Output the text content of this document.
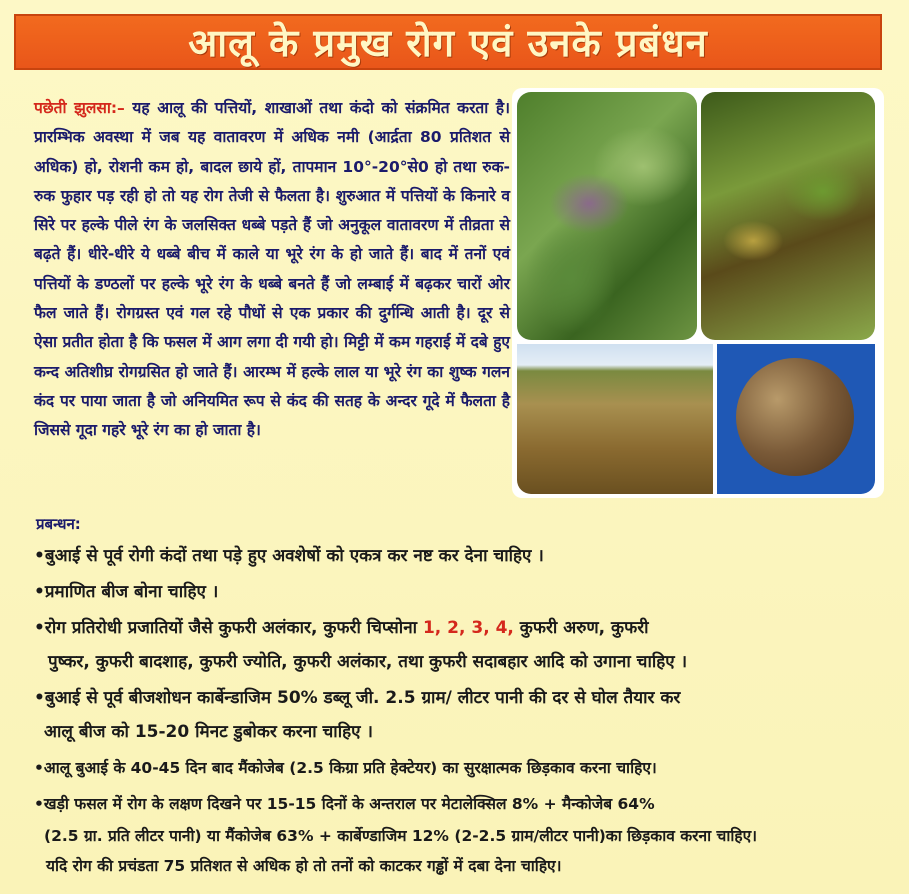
आलू के प्रमुख रोग एवं उनके प्रबंधन
पछेती झुलसा:– यह आलू की पत्तियों, शाखाओं तथा कंदो को संक्रमित करता है। प्रारम्भिक अवस्था में जब यह वातावरण में अधिक नमी (आर्द्रता 80 प्रतिशत से अधिक) हो, रोशनी कम हो, बादल छाये हों, तापमान 10°-20°से0 हो तथा रुक-रुक फुहार पड़ रही हो तो यह रोग तेजी से फैलता है। शुरुआत में पत्तियों के किनारे व सिरे पर हल्के पीले रंग के जलसिक्त धब्बे पड़ते हैं जो अनुकूल वातावरण में तीव्रता से बढ़ते हैं। धीरे-धीरे ये धब्बे बीच में काले या भूरे रंग के हो जाते हैं। बाद में तनों एवं पत्तियों के डण्ठलों पर हल्के भूरे रंग के धब्बे बनते हैं जो लम्बाई में बढ़कर चारों ओर फैल जाते हैं। रोगग्रस्त एवं गल रहे पौधों से एक प्रकार की दुर्गन्धि आती है। दूर से ऐसा प्रतीत होता है कि फसल में आग लगा दी गयी हो। मिट्टी में कम गहराई में दबे हुए कन्द अतिशीघ्र रोगग्रसित हो जाते हैं। आरम्भ में हल्के लाल या भूरे रंग का शुष्क गलन कंद पर पाया जाता है जो अनियमित रूप से कंद की सतह के अन्दर गूदे में फैलता है जिससे गूदा गहरे भूरे रंग का हो जाता है।
प्रबन्धन:
•बुआई से पूर्व रोगी कंदों तथा पड़े हुए अवशेषों को एकत्र कर नष्ट कर देना चाहिए ।
•प्रमाणित बीज बोना चाहिए ।
•रोग प्रतिरोधी प्रजातियों जैसे कुफरी अलंकार, कुफरी चिप्सोना 1, 2, 3, 4, कुफरी अरुण, कुफरी
पुष्कर, कुफरी बादशाह, कुफरी ज्योति, कुफरी अलंकार, तथा कुफरी सदाबहार आदि को उगाना चाहिए ।
•बुआई से पूर्व बीजशोधन कार्बेन्डाजिम 50% डब्लू जी. 2.5 ग्राम/ लीटर पानी की दर से घोल तैयार कर
आलू बीज को 15-20 मिनट डुबोकर करना चाहिए ।
•आलू बुआई के 40-45 दिन बाद मैंकोजेब (2.5 किग्रा प्रति हेक्टेयर) का सुरक्षात्मक छिड़काव करना चाहिए।
•खड़ी फसल में रोग के लक्षण दिखने पर 15-15 दिनों के अन्तराल पर मेटालेक्सिल 8% + मैन्कोजेब 64%
(2.5 ग्रा. प्रति लीटर पानी) या मैंकोजेब 63% + कार्बेण्डाजिम 12% (2-2.5 ग्राम/लीटर पानी)का छिड़काव करना चाहिए।
यदि रोग की प्रचंडता 75 प्रतिशत से अधिक हो तो तनों को काटकर गड्ढों में दबा देना चाहिए।
